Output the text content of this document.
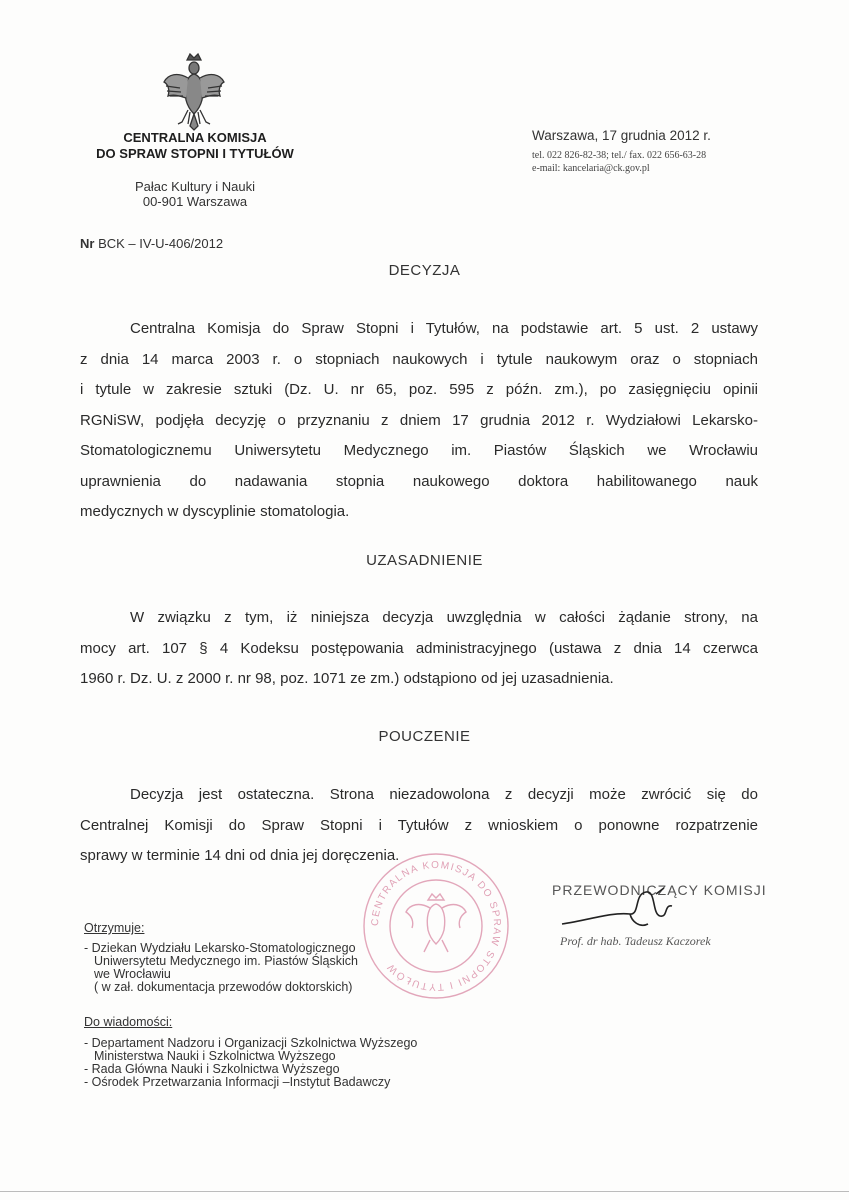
CENTRALNA KOMISJA
DO SPRAW STOPNI I TYTUŁÓW
Pałac Kultury i Nauki
00-901 Warszawa
Warszawa, 17 grudnia 2012 r.
tel. 022 826-82-38; tel./ fax. 022 656-63-28
e-mail: kancelaria@ck.gov.pl
Nr BCK – IV-U-406/2012
DECYZJA
Centralna Komisja do Spraw Stopni i Tytułów, na podstawie art. 5 ust. 2 ustawy
z dnia 14 marca 2003 r. o stopniach naukowych i tytule naukowym oraz o stopniach
i tytule w zakresie sztuki (Dz. U. nr 65, poz. 595 z późn. zm.), po zasięgnięciu opinii
RGNiSW, podjęła decyzję o przyznaniu z dniem 17 grudnia 2012 r. Wydziałowi Lekarsko-
Stomatologicznemu Uniwersytetu Medycznego im. Piastów Śląskich we Wrocławiu
uprawnienia do nadawania stopnia naukowego doktora habilitowanego nauk
medycznych w dyscyplinie stomatologia.
UZASADNIENIE
W związku z tym, iż niniejsza decyzja uwzględnia w całości żądanie strony, na
mocy art. 107 § 4 Kodeksu postępowania administracyjnego (ustawa z dnia 14 czerwca
1960 r. Dz. U. z 2000 r. nr 98, poz. 1071 ze zm.) odstąpiono od jej uzasadnienia.
POUCZENIE
Decyzja jest ostateczna. Strona niezadowolona z decyzji może zwrócić się do
Centralnej Komisji do Spraw Stopni i Tytułów z wnioskiem o ponowne rozpatrzenie
sprawy w terminie 14 dni od dnia jej doręczenia.
CENTRALNA KOMISJA DO SPRAW STOPNI I TYTUŁÓW
PRZEWODNICZĄCY KOMISJI
Prof. dr hab. Tadeusz Kaczorek
Otrzymuje:
- Dziekan Wydziału Lekarsko-Stomatologicznego
Uniwersytetu Medycznego im. Piastów Śląskich
we Wrocławiu
( w zał. dokumentacja przewodów doktorskich)
Do wiadomości:
- Departament Nadzoru i Organizacji Szkolnictwa Wyższego
Ministerstwa Nauki i Szkolnictwa Wyższego
- Rada Główna Nauki i Szkolnictwa Wyższego
- Ośrodek Przetwarzania Informacji –Instytut Badawczy
